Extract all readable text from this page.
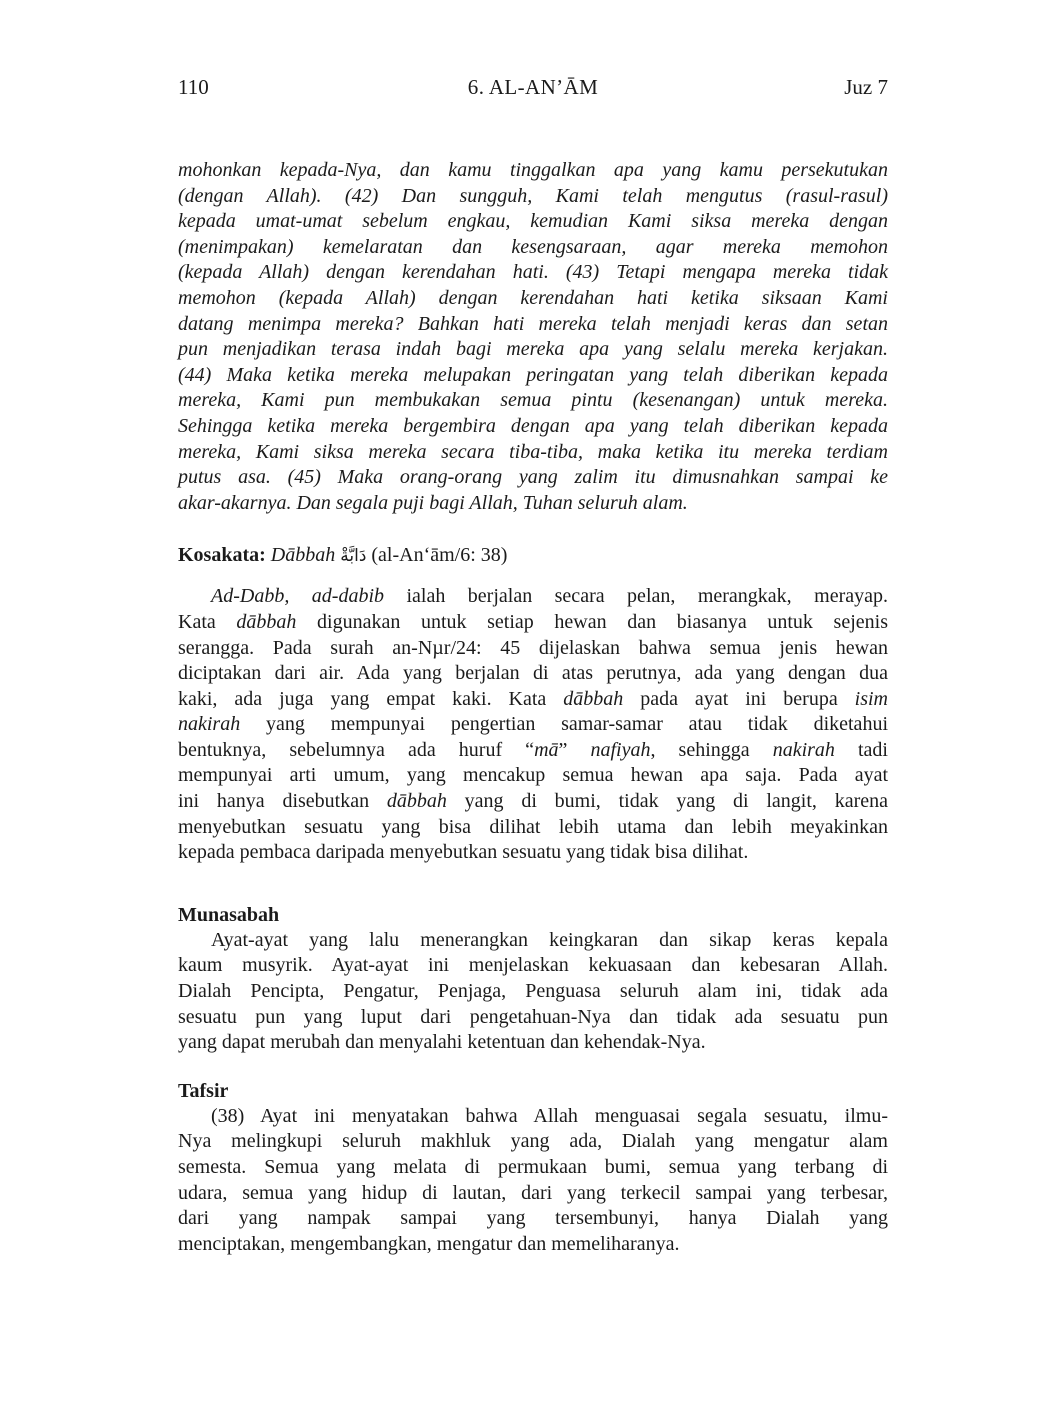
110	6. AL-AN’ĀM	Juz 7
mohonkan kepada-Nya, dan kamu tinggalkan apa yang kamu persekutukan
(dengan Allah). (42) Dan sungguh, Kami telah mengutus (rasul-rasul)
kepada umat-umat sebelum engkau, kemudian Kami siksa mereka dengan
(menimpakan) kemelaratan dan kesengsaraan, agar mereka memohon
(kepada Allah) dengan kerendahan hati. (43) Tetapi mengapa mereka tidak
memohon (kepada Allah) dengan kerendahan hati ketika siksaan Kami
datang menimpa mereka? Bahkan hati mereka telah menjadi keras dan setan
pun menjadikan terasa indah bagi mereka apa yang selalu mereka kerjakan.
(44) Maka ketika mereka melupakan peringatan yang telah diberikan kepada
mereka, Kami pun membukakan semua pintu (kesenangan) untuk mereka.
Sehingga ketika mereka bergembira dengan apa yang telah diberikan kepada
mereka, Kami siksa mereka secara tiba-tiba, maka ketika itu mereka terdiam
putus asa. (45) Maka orang-orang yang zalim itu dimusnahkan sampai ke
akar-akarnya. Dan segala puji bagi Allah, Tuhan seluruh alam.
Kosakata: Dābbah دَابَّةْ (al-An‘ām/6: 38)
Ad-Dabb, ad-dabib ialah berjalan secara pelan, merangkak, merayap.
Kata dābbah digunakan untuk setiap hewan dan biasanya untuk sejenis
serangga. Pada surah an-Nµr/24: 45 dijelaskan bahwa semua jenis hewan
diciptakan dari air. Ada yang berjalan di atas perutnya, ada yang dengan dua
kaki, ada juga yang empat kaki. Kata dābbah pada ayat ini berupa isim
nakirah yang mempunyai pengertian samar-samar atau tidak diketahui
bentuknya, sebelumnya ada huruf “mā” nafiyah, sehingga nakirah tadi
mempunyai arti umum, yang mencakup semua hewan apa saja. Pada ayat
ini hanya disebutkan dābbah yang di bumi, tidak yang di langit, karena
menyebutkan sesuatu yang bisa dilihat lebih utama dan lebih meyakinkan
kepada pembaca daripada menyebutkan sesuatu yang tidak bisa dilihat.
Munasabah
Ayat-ayat yang lalu menerangkan keingkaran dan sikap keras kepala
kaum musyrik. Ayat-ayat ini menjelaskan kekuasaan dan kebesaran Allah.
Dialah Pencipta, Pengatur, Penjaga, Penguasa seluruh alam ini, tidak ada
sesuatu pun yang luput dari pengetahuan-Nya dan tidak ada sesuatu pun
yang dapat merubah dan menyalahi ketentuan dan kehendak-Nya.
Tafsir
(38) Ayat ini menyatakan bahwa Allah menguasai segala sesuatu, ilmu-
Nya melingkupi seluruh makhluk yang ada, Dialah yang mengatur alam
semesta. Semua yang melata di permukaan bumi, semua yang terbang di
udara, semua yang hidup di lautan, dari yang terkecil sampai yang terbesar,
dari yang nampak sampai yang tersembunyi, hanya Dialah yang
menciptakan, mengembangkan, mengatur dan memeliharanya.
